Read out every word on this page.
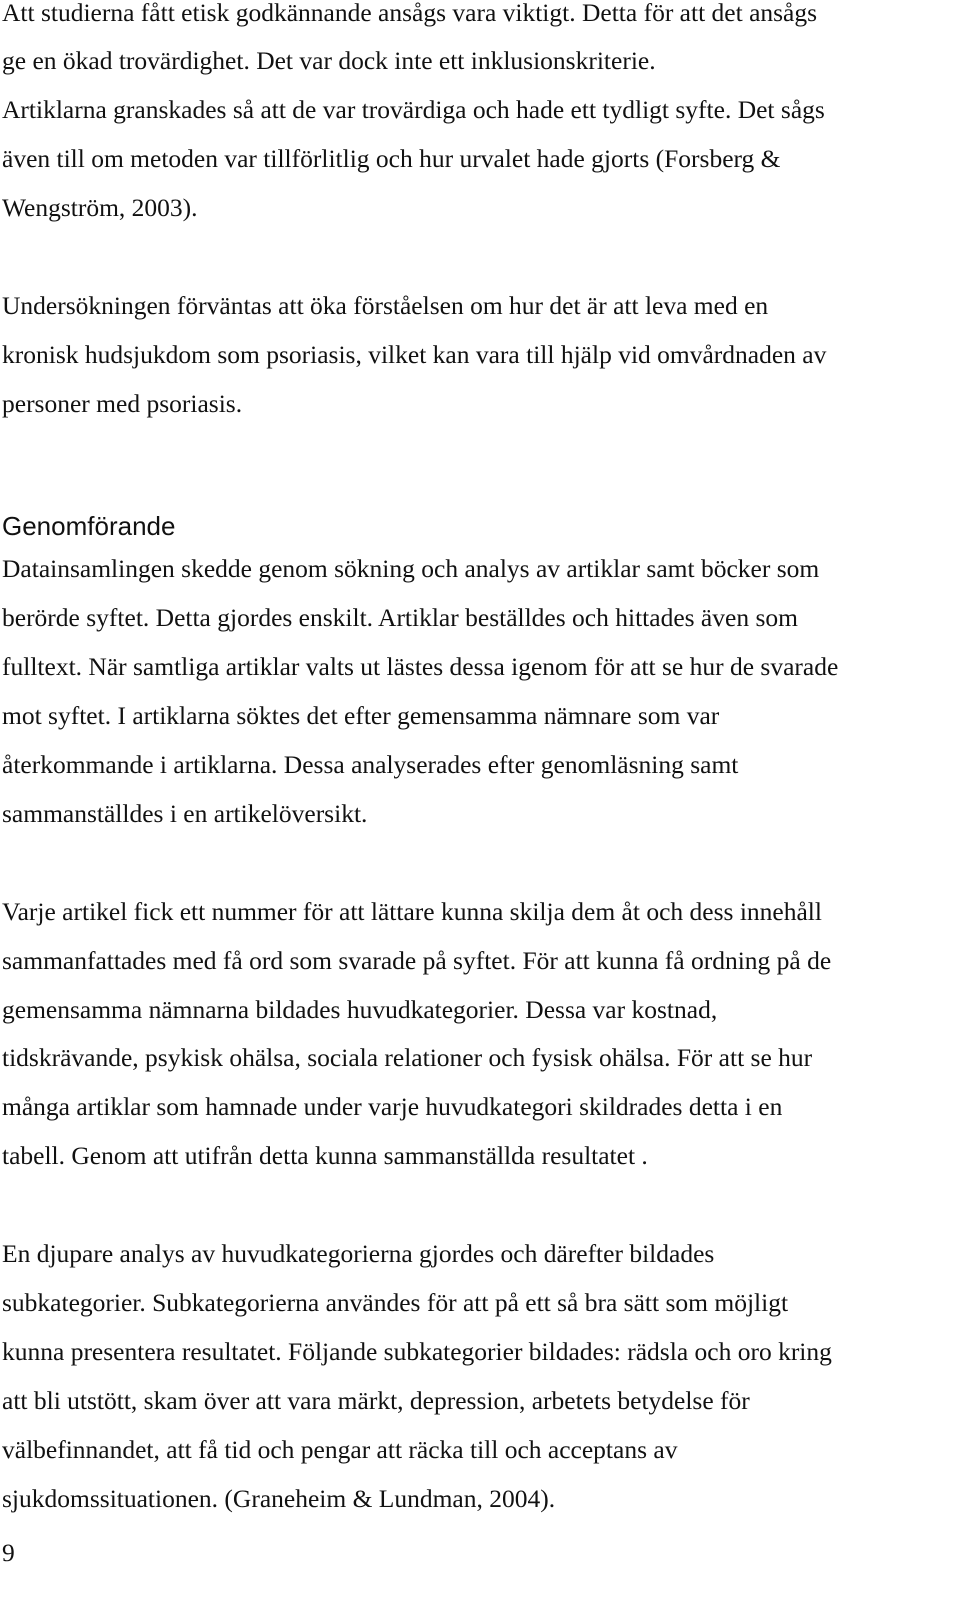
Att studierna fått etisk godkännande ansågs vara viktigt. Detta för att det ansågs
ge en ökad trovärdighet. Det var dock inte ett inklusionskriterie.
Artiklarna granskades så att de var trovärdiga och hade ett tydligt syfte. Det sågs
även till om metoden var tillförlitlig och hur urvalet hade gjorts (Forsberg &
Wengström, 2003).
Undersökningen förväntas att öka förståelsen om hur det är att leva med en
kronisk hudsjukdom som psoriasis, vilket kan vara till hjälp vid omvårdnaden av
personer med psoriasis.
Genomförande
Datainsamlingen skedde genom sökning och analys av artiklar samt böcker som
berörde syftet. Detta gjordes enskilt. Artiklar beställdes och hittades även som
fulltext. När samtliga artiklar valts ut lästes dessa igenom för att se hur de svarade
mot syftet. I artiklarna söktes det efter gemensamma nämnare som var
återkommande i artiklarna. Dessa analyserades efter genomläsning samt
sammanställdes i en artikelöversikt.
Varje artikel fick ett nummer för att lättare kunna skilja dem åt och dess innehåll
sammanfattades med få ord som svarade på syftet. För att kunna få ordning på de
gemensamma nämnarna bildades huvudkategorier. Dessa var kostnad,
tidskrävande, psykisk ohälsa, sociala relationer och fysisk ohälsa. För att se hur
många artiklar som hamnade under varje huvudkategori skildrades detta i en
tabell. Genom att utifrån detta kunna sammanställda resultatet .
En djupare analys av huvudkategorierna gjordes och därefter bildades
subkategorier. Subkategorierna användes för att på ett så bra sätt som möjligt
kunna presentera resultatet. Följande subkategorier bildades: rädsla och oro kring
att bli utstött, skam över att vara märkt, depression, arbetets betydelse för
välbefinnandet, att få tid och pengar att räcka till och acceptans av
sjukdomssituationen. (Graneheim & Lundman, 2004).
9
